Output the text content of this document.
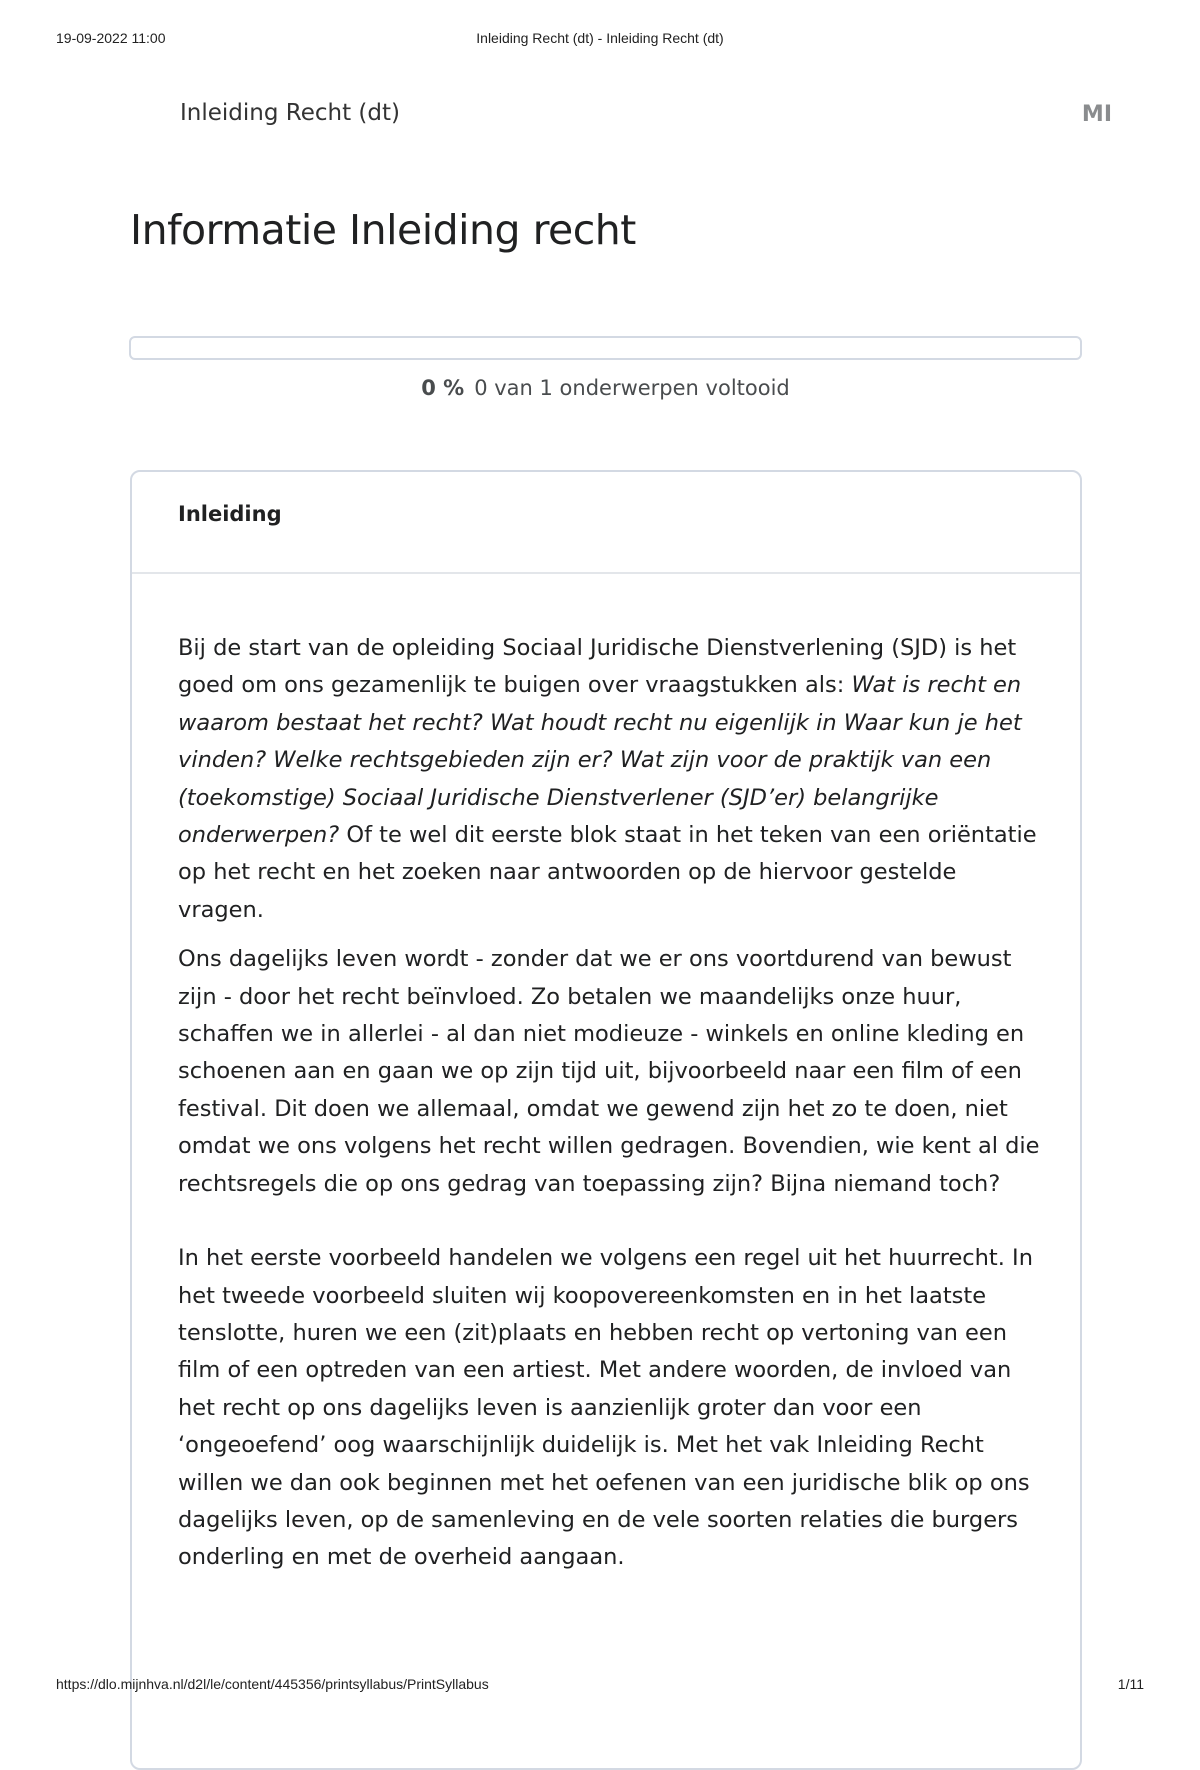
19-09-2022 11:00	Inleiding Recht (dt) - Inleiding Recht (dt)
Inleiding Recht (dt)	MI
Informatie Inleiding recht
0 % 0 van 1 onderwerpen voltooid
Inleiding

Bij de start van de opleiding Sociaal Juridische Dienstverlening (SJD) is het goed om ons gezamenlijk te buigen over vraagstukken als: Wat is recht en waarom bestaat het recht? Wat houdt recht nu eigenlijk in Waar kun je het vinden? Welke rechtsgebieden zijn er? Wat zijn voor de praktijk van een (toekomstige) Sociaal Juridische Dienstverlener (SJD’er) belangrijke onderwerpen? Of te wel dit eerste blok staat in het teken van een oriëntatie op het recht en het zoeken naar antwoorden op de hiervoor gestelde vragen.

Ons dagelijks leven wordt - zonder dat we er ons voortdurend van bewust zijn - door het recht beïnvloed. Zo betalen we maandelijks onze huur, schaffen we in allerlei - al dan niet modieuze - winkels en online kleding en schoenen aan en gaan we op zijn tijd uit, bijvoorbeeld naar een film of een festival. Dit doen we allemaal, omdat we gewend zijn het zo te doen, niet omdat we ons volgens het recht willen gedragen. Bovendien, wie kent al die rechtsregels die op ons gedrag van toepassing zijn? Bijna niemand toch?

In het eerste voorbeeld handelen we volgens een regel uit het huurrecht. In het tweede voorbeeld sluiten wij koopovereenkomsten en in het laatste tenslotte, huren we een (zit)plaats en hebben recht op vertoning van een film of een optreden van een artiest. Met andere woorden, de invloed van het recht op ons dagelijks leven is aanzienlijk groter dan voor een ‘ongeoefend’ oog waarschijnlijk duidelijk is. Met het vak Inleiding Recht willen we dan ook beginnen met het oefenen van een juridische blik op ons dagelijks leven, op de samenleving en de vele soorten relaties die burgers onderling en met de overheid aangaan.

https://dlo.mijnhva.nl/d2l/le/content/445356/printsyllabus/PrintSyllabus	1/11
